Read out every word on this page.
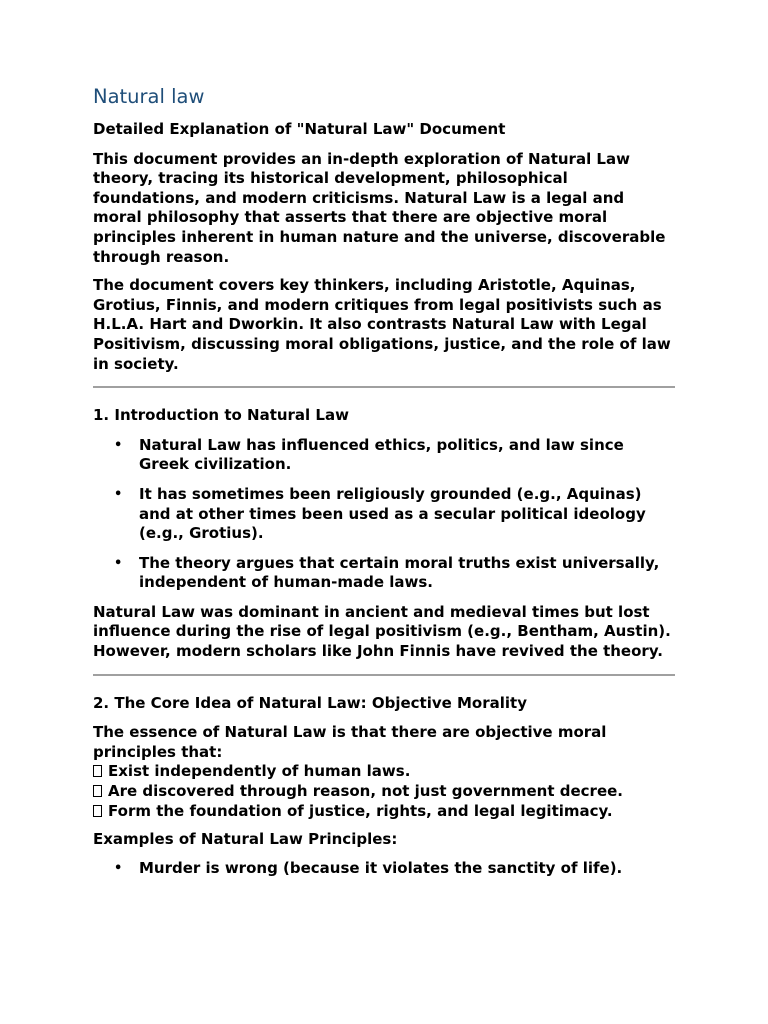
Natural law

Detailed Explanation of "Natural Law" Document

This document provides an in-depth exploration of Natural Law theory, tracing its historical development, philosophical foundations, and modern criticisms. Natural Law is a legal and moral philosophy that asserts that there are objective moral principles inherent in human nature and the universe, discoverable through reason.

The document covers key thinkers, including Aristotle, Aquinas, Grotius, Finnis, and modern critiques from legal positivists such as H.L.A. Hart and Dworkin. It also contrasts Natural Law with Legal Positivism, discussing moral obligations, justice, and the role of law in society.

1. Introduction to Natural Law
• Natural Law has influenced ethics, politics, and law since Greek civilization.
• It has sometimes been religiously grounded (e.g., Aquinas) and at other times been used as a secular political ideology (e.g., Grotius).
• The theory argues that certain moral truths exist universally, independent of human-made laws.

Natural Law was dominant in ancient and medieval times but lost influence during the rise of legal positivism (e.g., Bentham, Austin). However, modern scholars like John Finnis have revived the theory.

2. The Core Idea of Natural Law: Objective Morality

The essence of Natural Law is that there are objective moral principles that:
Exist independently of human laws.
Are discovered through reason, not just government decree.
Form the foundation of justice, rights, and legal legitimacy.

Examples of Natural Law Principles:

• Murder is wrong (because it violates the sanctity of life).
